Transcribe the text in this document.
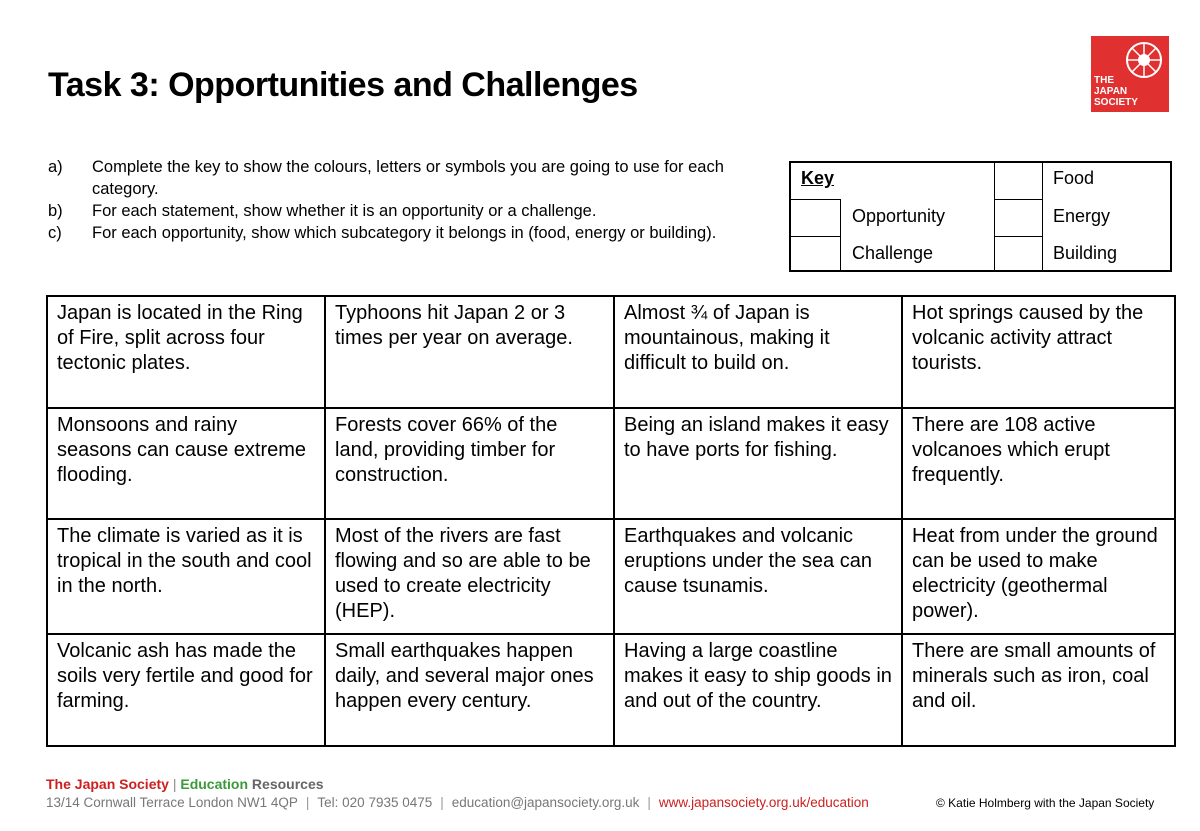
Task 3: Opportunities and Challenges	THE
JAPAN
SOCIETY
a)	Complete the key to show the colours, letters or symbols you are going to use for each category.
b)	For each statement, show whether it is an opportunity or a challenge.
c)	For each opportunity, show which subcategory it belongs in (food, energy or building).
Key
Opportunity
Challenge
Food
Energy
Building
Japan is located in the Ring of Fire, split across four tectonic plates.	Typhoons hit Japan 2 or 3 times per year on average.	Almost ¾ of Japan is mountainous, making it difficult to build on.	Hot springs caused by the volcanic activity attract tourists.
Monsoons and rainy seasons can cause extreme flooding.	Forests cover 66% of the land, providing timber for construction.	Being an island makes it easy to have ports for fishing.	There are 108 active volcanoes which erupt frequently.
The climate is varied as it is tropical in the south and cool in the north.	Most of the rivers are fast flowing and so are able to be used to create electricity (HEP).	Earthquakes and volcanic eruptions under the sea can cause tsunamis.	Heat from under the ground can be used to make electricity (geothermal power).
Volcanic ash has made the soils very fertile and good for farming.	Small earthquakes happen daily, and several major ones happen every century.	Having a large coastline makes it easy to ship goods in and out of the country.	There are small amounts of minerals such as iron, coal and oil.
The Japan Society | Education Resources
13/14 Cornwall Terrace London NW1 4QP | Tel: 020 7935 0475 | education@japansociety.org.uk | www.japansociety.org.uk/education	© Katie Holmberg with the Japan Society
